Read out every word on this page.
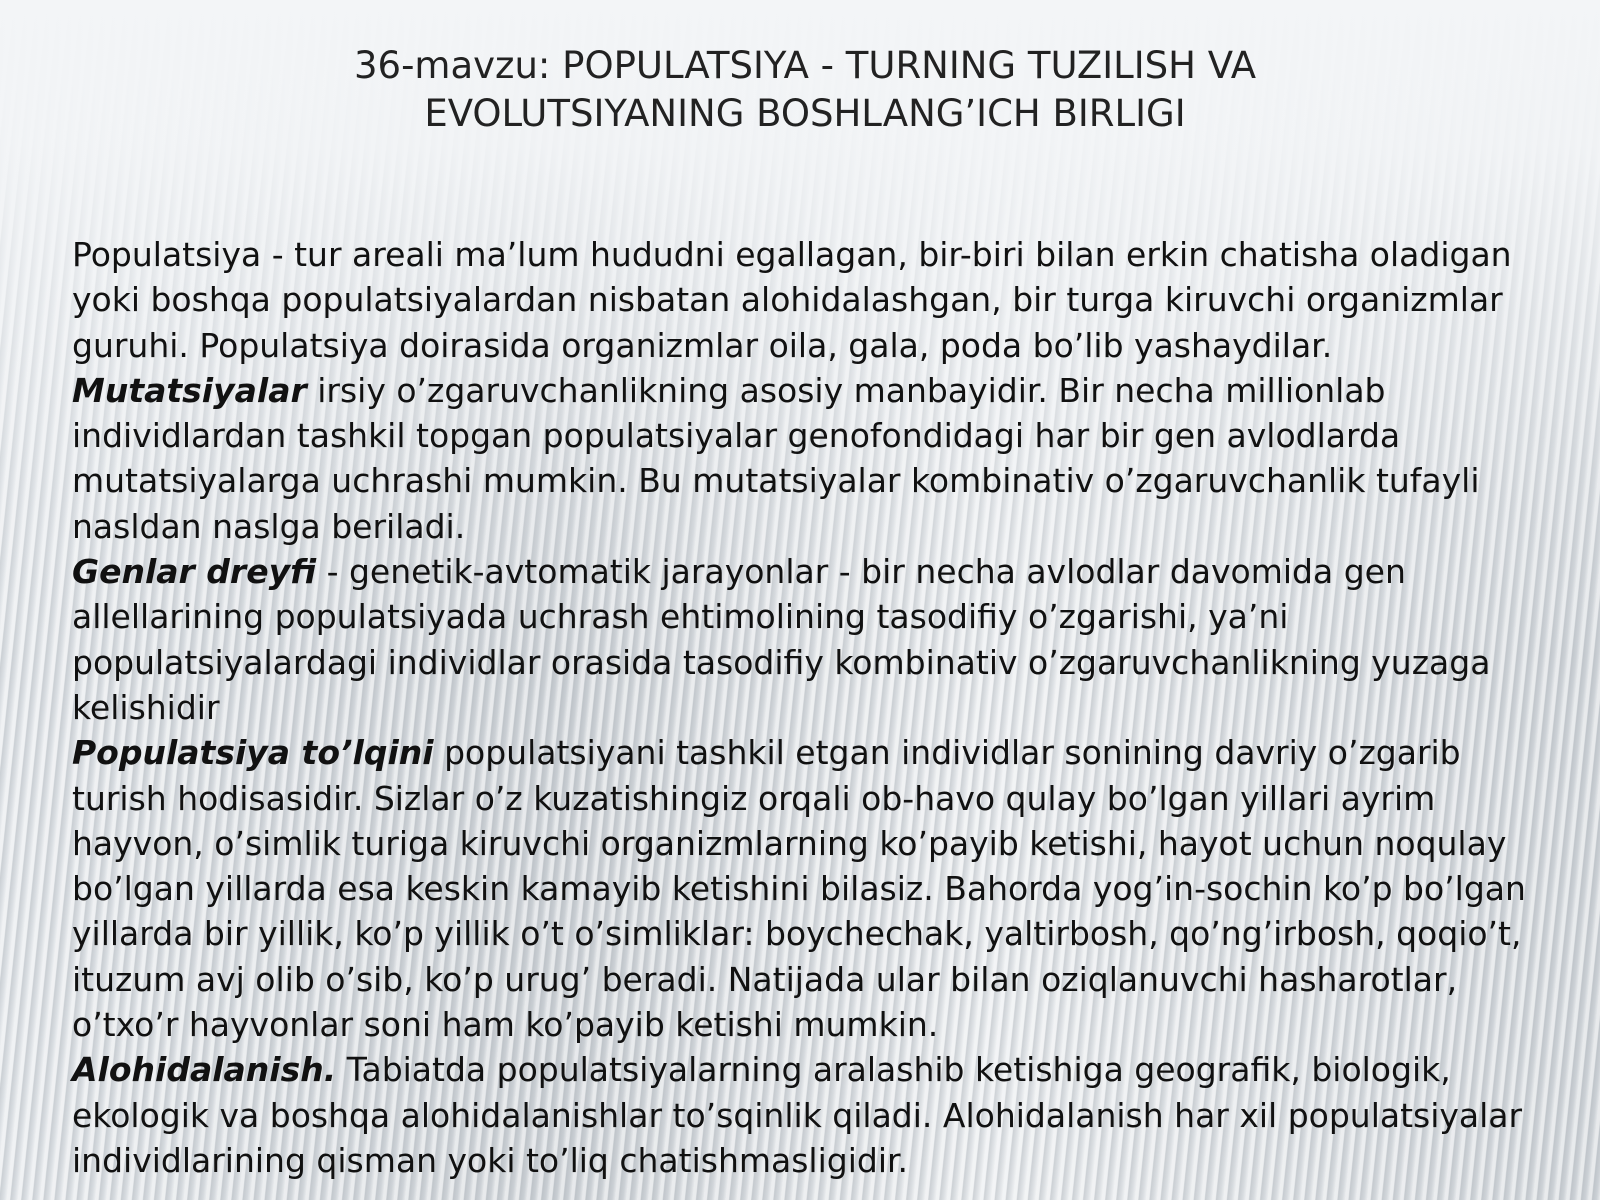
36-mavzu: POPULATSIYA - TURNING TUZILISH VA
EVOLUTSIYANING BOSHLANG’ICH BIRLIGI

Populatsiya - tur areali ma’lum hududni egallagan, bir-biri bilan erkin chatisha oladigan yoki boshqa populatsiyalardan nisbatan alohidalashgan, bir turga kiruvchi organizmlar guruhi. Populatsiya doirasida organizmlar oila, gala, poda bo’lib yashaydilar.

Mutatsiyalar irsiy o’zgaruvchanlikning asosiy manbayidir. Bir necha millionlab individlardan tashkil topgan populatsiyalar genofondidagi har bir gen avlodlarda mutatsiyalarga uchrashi mumkin. Bu mutatsiyalar kombinativ o’zgaruvchanlik tufayli nasldan naslga beriladi.

Genlar dreyfi - genetik-avtomatik jarayonlar - bir necha avlodlar davomida gen allellarining populatsiyada uchrash ehtimolining tasodifiy o’zgarishi, ya’ni populatsiyalardagi individlar orasida tasodifiy kombinativ o’zgaruvchanlikning yuzaga kelishidir

Populatsiya to’lqini populatsiyani tashkil etgan individlar sonining davriy o’zgarib turish hodisasidir. Sizlar o’z kuzatishingiz orqali ob-havo qulay bo’lgan yillari ayrim hayvon, o’simlik turiga kiruvchi organizmlarning ko’payib ketishi, hayot uchun noqulay bo’lgan yillarda esa keskin kamayib ketishini bilasiz. Bahorda yog’in-sochin ko’p bo’lgan yillarda bir yillik, ko’p yillik o’t o’simliklar: boychechak, yaltirbosh, qo’ng’irbosh, qoqio’t, ituzum avj olib o’sib, ko’p urug’ beradi. Natijada ular bilan oziqlanuvchi hasharotlar, o’txo’r hayvonlar soni ham ko’payib ketishi mumkin.

Alohidalanish. Tabiatda populatsiyalarning aralashib ketishiga geografik, biologik, ekologik va boshqa alohidalanishlar to’sqinlik qiladi. Alohidalanish har xil populatsiyalar individlarining qisman yoki to’liq chatishmasligidir.
